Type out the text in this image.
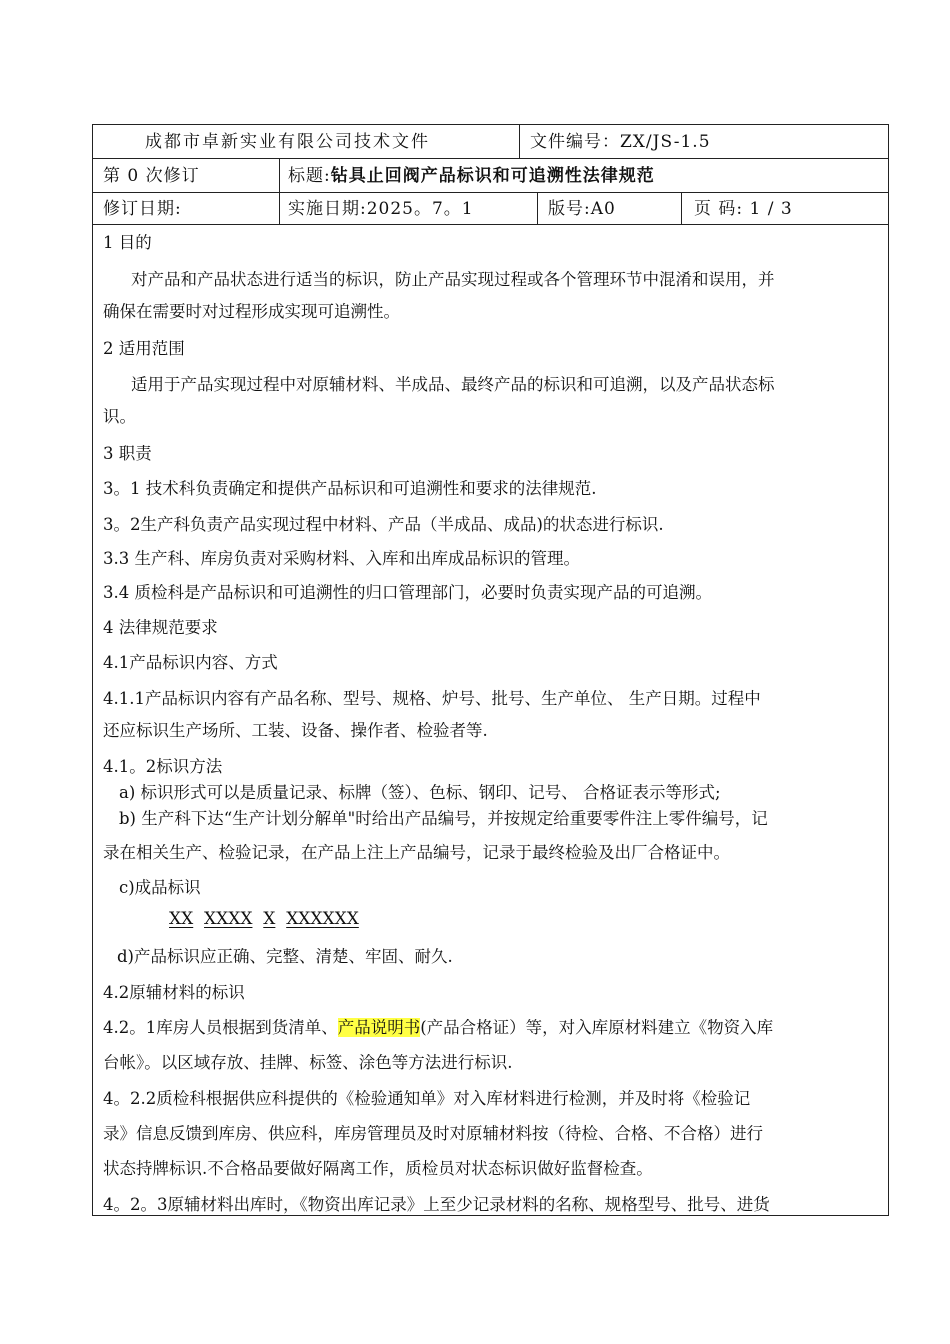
成都市卓新实业有限公司技术文件	文件编号：ZX/JS-1.5
第 0 次修订	标题:钻具止回阀产品标识和可追溯性法律规范
修订日期:	实施日期:2025。7。1	版号:A0	页 码: 1 / 3
1 目的
对产品和产品状态进行适当的标识，防止产品实现过程或各个管理环节中混淆和误用，并
确保在需要时对过程形成实现可追溯性。
2 适用范围
适用于产品实现过程中对原辅材料、半成品、最终产品的标识和可追溯，以及产品状态标
识。
3 职责
3。1 技术科负责确定和提供产品标识和可追溯性和要求的法律规范.
3。2生产科负责产品实现过程中材料、产品（半成品、成品)的状态进行标识.
3.3 生产科、库房负责对采购材料、入库和出库成品标识的管理。
3.4 质检科是产品标识和可追溯性的归口管理部门，必要时负责实现产品的可追溯。
4 法律规范要求
4.1产品标识内容、方式
4.1.1产品标识内容有产品名称、型号、规格、炉号、批号、生产单位、 生产日期。过程中
还应标识生产场所、工装、设备、操作者、检验者等.
4.1。2标识方法
a) 标识形式可以是质量记录、标牌（签）、色标、钢印、记号、 合格证表示等形式;
b) 生产科下达“生产计划分解单"时给出产品编号，并按规定给重要零件注上零件编号，记
录在相关生产、检验记录，在产品上注上产品编号，记录于最终检验及出厂合格证中。
c)成品标识
XX XXXX X XXXXXX
d)产品标识应正确、完整、清楚、牢固、耐久.
4.2原辅材料的标识
4.2。1库房人员根据到货清单、产品说明书(产品合格证）等，对入库原材料建立《物资入库
台帐》。以区域存放、挂牌、标签、涂色等方法进行标识.
4。2.2质检科根据供应科提供的《检验通知单》对入库材料进行检测，并及时将《检验记
录》信息反馈到库房、供应科，库房管理员及时对原辅材料按（待检、合格、不合格）进行
状态持牌标识.不合格品要做好隔离工作，质检员对状态标识做好监督检查。
4。2。3原辅材料出库时，《物资出库记录》上至少记录材料的名称、规格型号、批号、进货
